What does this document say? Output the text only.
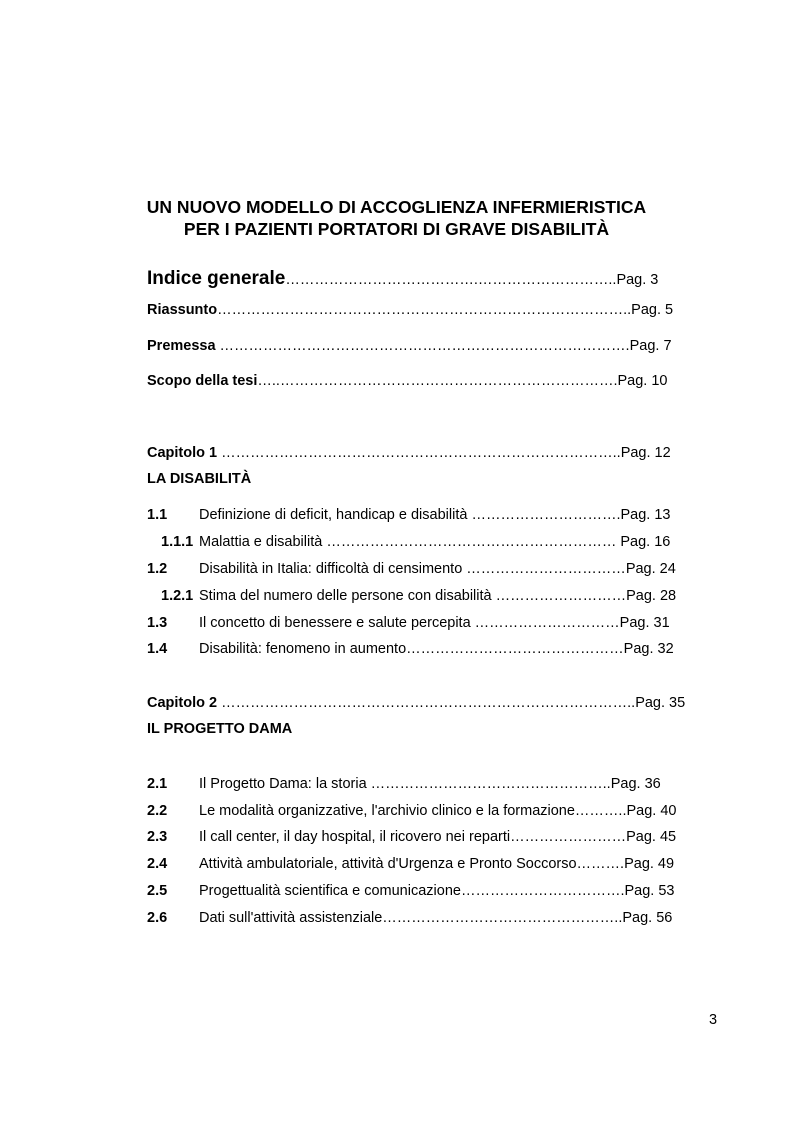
UN NUOVO MODELLO DI ACCOGLIENZA INFERMIERISTICA
PER I PAZIENTI PORTATORI DI GRAVE DISABILITÀ
Indice generale………………………………….………………………..Pag. 3
Riassunto…………………………………………………………………………..Pag. 5
Premessa ………………………………………………………………………….Pag. 7
Scopo della tesi…..…………………………………………………………….Pag. 10
Capitolo 1 ………………………………………………………………………..Pag. 12
LA DISABILITÀ
1.1 Definizione di deficit, handicap e disabilità ………………………….Pag. 13
1.1.1 Malattia e disabilità …………………………………………………… Pag. 16
1.2 Disabilità in Italia: difficoltà di censimento ……………………………Pag. 24
1.2.1 Stima del numero delle persone con disabilità ………………………Pag. 28
1.3 Il concetto di benessere e salute percepita …………………………Pag. 31
1.4 Disabilità: fenomeno in aumento………………………………………Pag. 32
Capitolo 2 …………………………………………………………………………..Pag. 35
IL PROGETTO DAMA
2.1 Il Progetto Dama: la storia …………………………………………..Pag. 36
2.2 Le modalità organizzative, l'archivio clinico e la formazione………..Pag. 40
2.3 Il call center, il day hospital, il ricovero nei reparti……………………Pag. 45
2.4 Attività ambulatoriale, attività d'Urgenza e Pronto Soccorso……….Pag. 49
2.5 Progettualità scientifica e comunicazione…………………………….Pag. 53
2.6 Dati sull'attività assistenziale…………………………………………..Pag. 56
3
